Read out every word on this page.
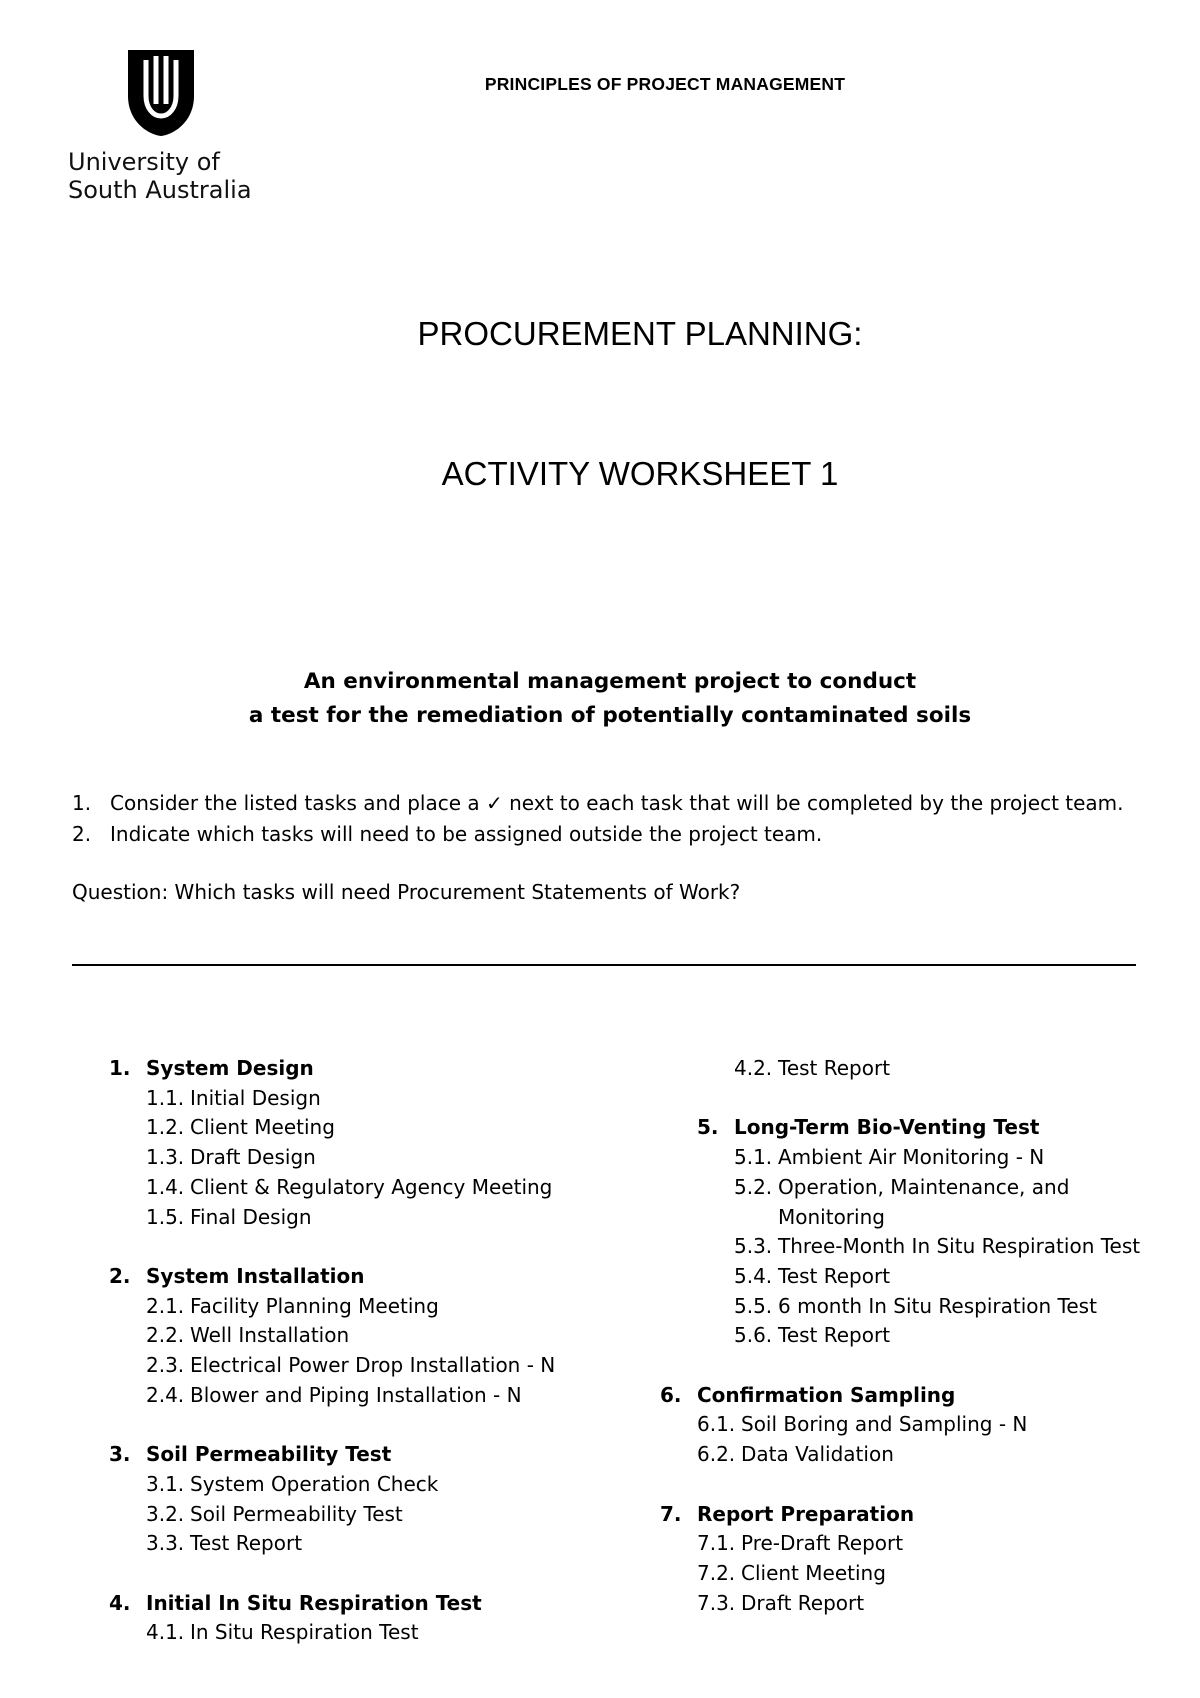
University of
South Australia
PRINCIPLES OF PROJECT MANAGEMENT
PROCUREMENT PLANNING:
ACTIVITY WORKSHEET 1
An environmental management project to conduct
a test for the remediation of potentially contaminated soils
1. Consider the listed tasks and place a ✓ next to each task that will be completed by the project team.
2. Indicate which tasks will need to be assigned outside the project team.
Question: Which tasks will need Procurement Statements of Work?
1. System Design
1.1. Initial Design
1.2. Client Meeting
1.3. Draft Design
1.4. Client & Regulatory Agency Meeting
1.5. Final Design
2. System Installation
2.1. Facility Planning Meeting
2.2. Well Installation
2.3. Electrical Power Drop Installation - N
2.4. Blower and Piping Installation - N
3. Soil Permeability Test
3.1. System Operation Check
3.2. Soil Permeability Test
3.3. Test Report
4. Initial In Situ Respiration Test
4.1. In Situ Respiration Test
4.2. Test Report
5. Long-Term Bio-Venting Test
5.1. Ambient Air Monitoring - N
5.2. Operation, Maintenance, and Monitoring
5.3. Three-Month In Situ Respiration Test
5.4. Test Report
5.5. 6 month In Situ Respiration Test
5.6. Test Report
6. Confirmation Sampling
6.1. Soil Boring and Sampling - N
6.2. Data Validation
7. Report Preparation
7.1. Pre-Draft Report
7.2. Client Meeting
7.3. Draft Report
